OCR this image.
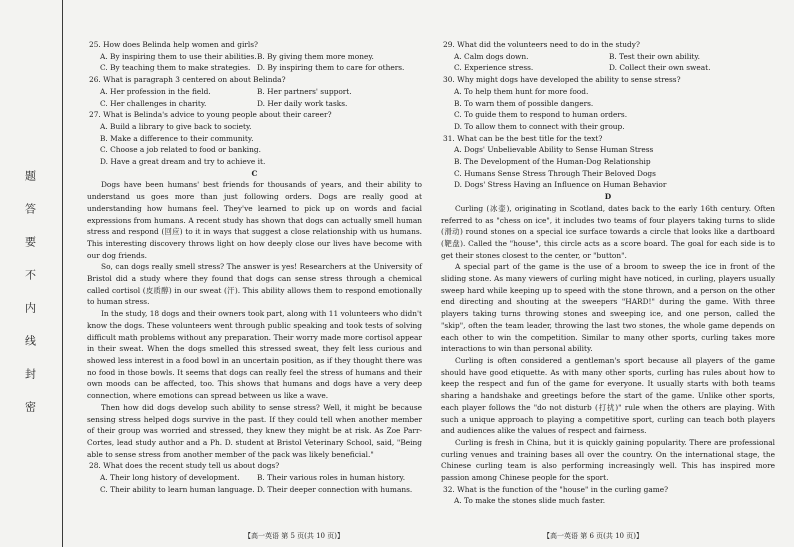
题
答
要
不
内
线
封
密

25. How does Belinda help women and girls?

A. By inspiring them to use their abilities. B. By giving them more money.
C. By teaching them to make strategies. D. By inspiring them to care for others.

26. What is paragraph 3 centered on about Belinda?

A. Her profession in the field.	B. Her partners' support.
C. Her challenges in charity.	D. Her daily work tasks.

27. What is Belinda's advice to young people about their career?

A. Build a library to give back to society.

B. Make a difference to their community.

C. Choose a job related to food or banking.

D. Have a great dream and try to achieve it.

C

Dogs have been humans' best friends for thousands of years, and their ability to understand us goes more than just following orders. Dogs are really good at understanding how humans feel. They've learned to pick up on words and facial expressions from humans. A recent study has shown that dogs can actually smell human stress and respond (回应) to it in ways that suggest a close relationship with us humans. This interesting discovery throws light on how deeply close our lives have become with our dog friends.

So, can dogs really smell stress? The answer is yes! Researchers at the University of Bristol did a study where they found that dogs can sense stress through a chemical called cortisol (皮质醇) in our sweat (汗). This ability allows them to respond emotionally to human stress.

In the study, 18 dogs and their owners took part, along with 11 volunteers who didn't know the dogs. These volunteers went through public speaking and took tests of solving difficult math problems without any preparation. Their worry made more cortisol appear in their sweat. When the dogs smelled this stressed sweat, they felt less curious and showed less interest in a food bowl in an uncertain position, as if they thought there was no food in those bowls. It seems that dogs can really feel the stress of humans and their own moods can be affected, too. This shows that humans and dogs have a very deep connection, where emotions can spread between us like a wave.

Then how did dogs develop such ability to sense stress? Well, it might be because sensing stress helped dogs survive in the past. If they could tell when another member of their group was worried and stressed, they knew they might be at risk. As Zoe Parr-Cortes, lead study author and a Ph. D. student at Bristol Veterinary School, said, "Being able to sense stress from another member of the pack was likely beneficial."

28. What does the recent study tell us about dogs?

A. Their long history of development.	B. Their various roles in human history.
C. Their ability to learn human language. D. Their deeper connection with humans.

29. What did the volunteers need to do in the study?

A. Calm dogs down.	B. Test their own ability.
C. Experience stress.	D. Collect their own sweat.

30. Why might dogs have developed the ability to sense stress?

A. To help them hunt for more food.

B. To warn them of possible dangers.

C. To guide them to respond to human orders.

D. To allow them to connect with their group.

31. What can be the best title for the text?

A. Dogs' Unbelievable Ability to Sense Human Stress

B. The Development of the Human-Dog Relationship

C. Humans Sense Stress Through Their Beloved Dogs

D. Dogs' Stress Having an Influence on Human Behavior

D

Curling (冰壶), originating in Scotland, dates back to the early 16th century. Often referred to as "chess on ice", it includes two teams of four players taking turns to slide (滑动) round stones on a special ice surface towards a circle that looks like a dartboard (靶盘). Called the "house", this circle acts as a score board. The goal for each side is to get their stones closest to the center, or "button".

A special part of the game is the use of a broom to sweep the ice in front of the sliding stone. As many viewers of curling might have noticed, in curling, players usually sweep hard while keeping up to speed with the stone thrown, and a person on the other end directing and shouting at the sweepers "HARD!" during the game. With three players taking turns throwing stones and sweeping ice, and one person, called the "skip", often the team leader, throwing the last two stones, the whole game depends on each other to win the competition. Similar to many other sports, curling takes more interactions to win than personal ability.

Curling is often considered a gentleman's sport because all players of the game should have good etiquette. As with many other sports, curling has rules about how to keep the respect and fun of the game for everyone. It usually starts with both teams sharing a handshake and greetings before the start of the game. Unlike other sports, each player follows the "do not disturb (打扰)" rule when the others are playing. With such a unique approach to playing a competitive sport, curling can teach both players and audiences alike the values of respect and fairness.

Curling is fresh in China, but it is quickly gaining popularity. There are professional curling venues and training bases all over the country. On the international stage, the Chinese curling team is also performing increasingly well. This has inspired more passion among Chinese people for the sport.

32. What is the function of the "house" in the curling game?

A. To make the stones slide much faster.

【高一英语 第 5 页(共 10 页)】	【高一英语 第 6 页(共 10 页)】
